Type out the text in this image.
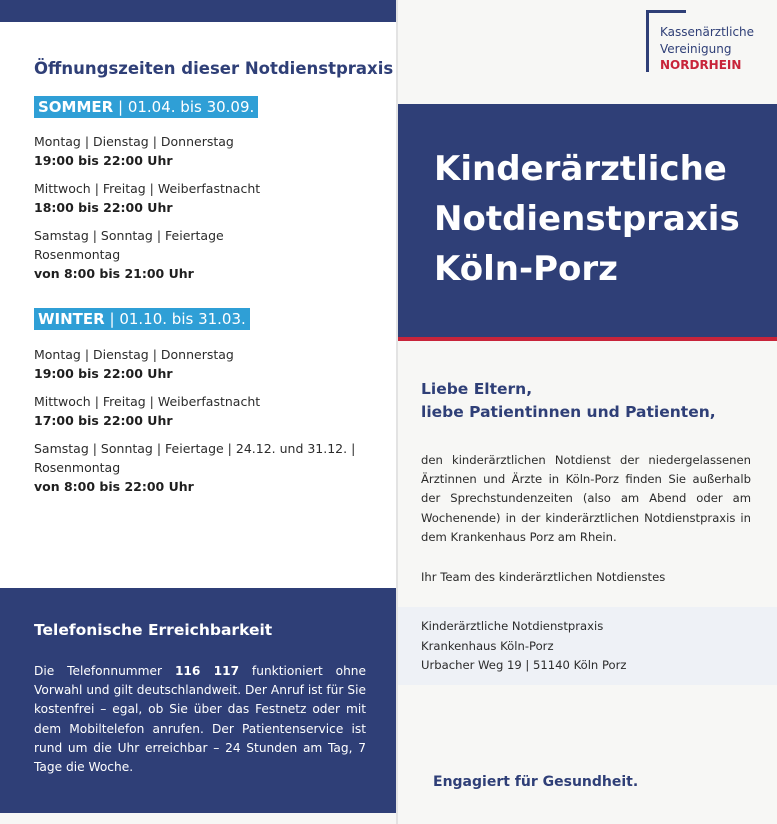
Öffnungszeiten dieser Notdienstpraxis
SOMMER | 01.04. bis 30.09.
Montag | Dienstag | Donnerstag
19:00 bis 22:00 Uhr
Mittwoch | Freitag | Weiberfastnacht
18:00 bis 22:00 Uhr
Samstag | Sonntag | Feiertage
Rosenmontag
von 8:00 bis 21:00 Uhr
WINTER | 01.10. bis 31.03.
Montag | Dienstag | Donnerstag
19:00 bis 22:00 Uhr
Mittwoch | Freitag | Weiberfastnacht
17:00 bis 22:00 Uhr
Samstag | Sonntag | Feiertage | 24.12. und 31.12. |
Rosenmontag
von 8:00 bis 22:00 Uhr
Telefonische Erreichbarkeit
Die Telefonnummer 116 117 funktioniert ohne Vorwahl und gilt deutschlandweit. Der Anruf ist für Sie kostenfrei – egal, ob Sie über das Festnetz oder mit dem Mobiltelefon anrufen. Der Patientenservice ist rund um die Uhr erreichbar – 24 Stunden am Tag, 7 Tage die Woche.
Kassenärztliche
Vereinigung
NORDRHEIN
Kinderärztliche
Notdienstpraxis
Köln-Porz
Liebe Eltern,
liebe Patientinnen und Patienten,
den kinderärztlichen Notdienst der niedergelassenen Ärztinnen und Ärzte in Köln-Porz finden Sie außerhalb der Sprechstundenzeiten (also am Abend oder am Wochenende) in der kinderärztlichen Notdienstpraxis in dem Krankenhaus Porz am Rhein.
Ihr Team des kinderärztlichen Notdienstes
Kinderärztliche Notdienstpraxis
Krankenhaus Köln-Porz
Urbacher Weg 19 | 51140 Köln Porz
Engagiert für Gesundheit.
